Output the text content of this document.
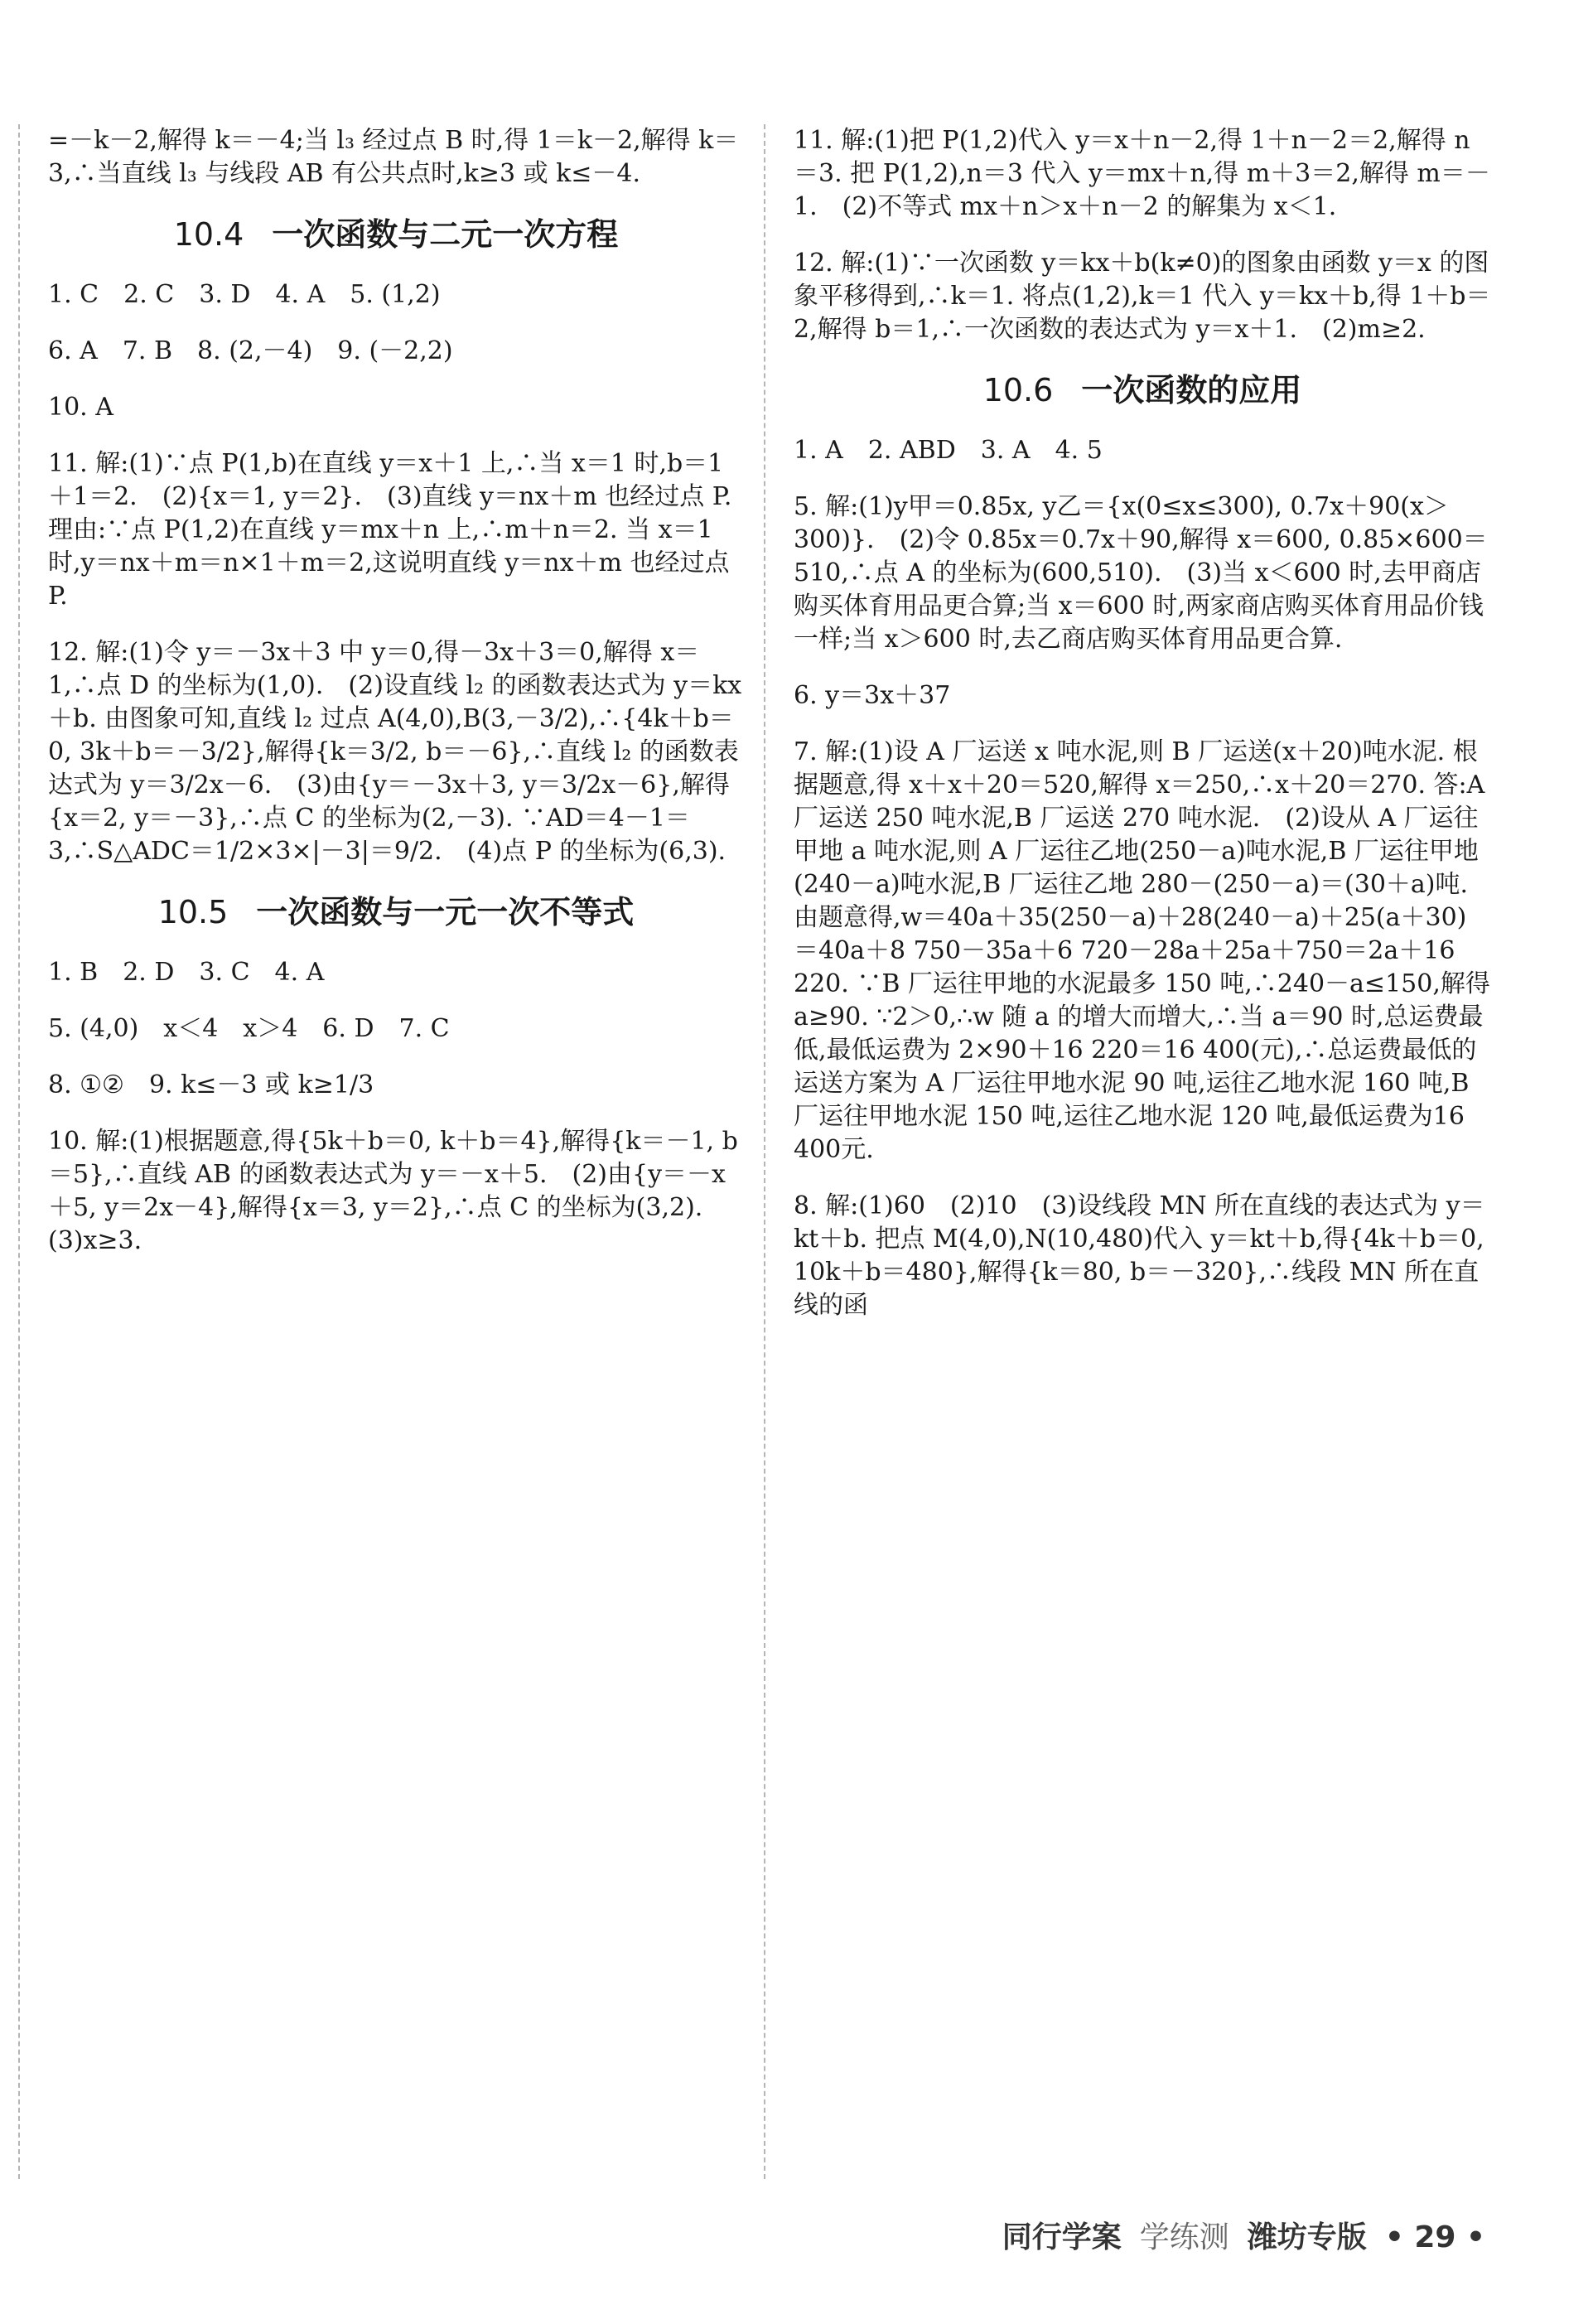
=－k－2,解得 k＝－4;当 l₃ 经过点 B 时,得 1＝k－2,解得 k＝3,∴当直线 l₃ 与线段 AB 有公共点时,k≥3 或 k≤－4.
10.4 一次函数与二元一次方程
1. C　2. C　3. D　4. A　5. (1,2)
6. A　7. B　8. (2,－4)　9. (－2,2)
10. A
11. 解:(1)∵点 P(1,b)在直线 y＝x＋1 上,∴当 x＝1 时,b＝1＋1＝2.　(2){x＝1, y＝2}.　(3)直线 y＝nx＋m 也经过点 P. 理由:∵点 P(1,2)在直线 y＝mx＋n 上,∴m＋n＝2. 当 x＝1 时,y＝nx＋m＝n×1＋m＝2,这说明直线 y＝nx＋m 也经过点 P.
12. 解:(1)令 y＝－3x＋3 中 y＝0,得－3x＋3＝0,解得 x＝1,∴点 D 的坐标为(1,0).　(2)设直线 l₂ 的函数表达式为 y＝kx＋b. 由图象可知,直线 l₂ 过点 A(4,0),B(3,－3/2),∴{4k＋b＝0, 3k＋b＝－3/2},解得{k＝3/2, b＝－6},∴直线 l₂ 的函数表达式为 y＝3/2x－6.　(3)由{y＝－3x＋3, y＝3/2x－6},解得{x＝2, y＝－3},∴点 C 的坐标为(2,－3). ∵AD＝4－1＝3,∴S△ADC＝1/2×3×|－3|＝9/2.　(4)点 P 的坐标为(6,3).
10.5 一次函数与一元一次不等式
1. B　2. D　3. C　4. A
5. (4,0)　x＜4　x＞4　6. D　7. C
8. ①②　9. k≤－3 或 k≥1/3
10. 解:(1)根据题意,得{5k＋b＝0, k＋b＝4},解得{k＝－1, b＝5},∴直线 AB 的函数表达式为 y＝－x＋5.　(2)由{y＝－x＋5, y＝2x－4},解得{x＝3, y＝2},∴点 C 的坐标为(3,2).　(3)x≥3.
11. 解:(1)把 P(1,2)代入 y＝x＋n－2,得 1＋n－2＝2,解得 n＝3. 把 P(1,2),n＝3 代入 y＝mx＋n,得 m＋3＝2,解得 m＝－1.　(2)不等式 mx＋n＞x＋n－2 的解集为 x＜1.
12. 解:(1)∵一次函数 y＝kx＋b(k≠0)的图象由函数 y＝x 的图象平移得到,∴k＝1. 将点(1,2),k＝1 代入 y＝kx＋b,得 1＋b＝2,解得 b＝1,∴一次函数的表达式为 y＝x＋1.　(2)m≥2.
10.6 一次函数的应用
1. A　2. ABD　3. A　4. 5
5. 解:(1)y甲＝0.85x, y乙＝{x(0≤x≤300), 0.7x＋90(x＞300)}.　(2)令 0.85x＝0.7x＋90,解得 x＝600, 0.85×600＝510,∴点 A 的坐标为(600,510).　(3)当 x＜600 时,去甲商店购买体育用品更合算;当 x＝600 时,两家商店购买体育用品价钱一样;当 x＞600 时,去乙商店购买体育用品更合算.
6. y＝3x＋37
7. 解:(1)设 A 厂运送 x 吨水泥,则 B 厂运送(x＋20)吨水泥. 根据题意,得 x＋x＋20＝520,解得 x＝250,∴x＋20＝270. 答:A 厂运送 250 吨水泥,B 厂运送 270 吨水泥.　(2)设从 A 厂运往甲地 a 吨水泥,则 A 厂运往乙地(250－a)吨水泥,B 厂运往甲地(240－a)吨水泥,B 厂运往乙地 280－(250－a)＝(30＋a)吨. 由题意得,w＝40a＋35(250－a)＋28(240－a)＋25(a＋30)＝40a＋8 750－35a＋6 720－28a＋25a＋750＝2a＋16 220. ∵B 厂运往甲地的水泥最多 150 吨,∴240－a≤150,解得 a≥90. ∵2＞0,∴w 随 a 的增大而增大,∴当 a＝90 时,总运费最低,最低运费为 2×90＋16 220＝16 400(元),∴总运费最低的运送方案为 A 厂运往甲地水泥 90 吨,运往乙地水泥 160 吨,B 厂运往甲地水泥 150 吨,运往乙地水泥 120 吨,最低运费为16 400元.
8. 解:(1)60　(2)10　(3)设线段 MN 所在直线的表达式为 y＝kt＋b. 把点 M(4,0),N(10,480)代入 y＝kt＋b,得{4k＋b＝0, 10k＋b＝480},解得{k＝80, b＝－320},∴线段 MN 所在直线的函
同行学案 学练测 潍坊专版 • 29 •
